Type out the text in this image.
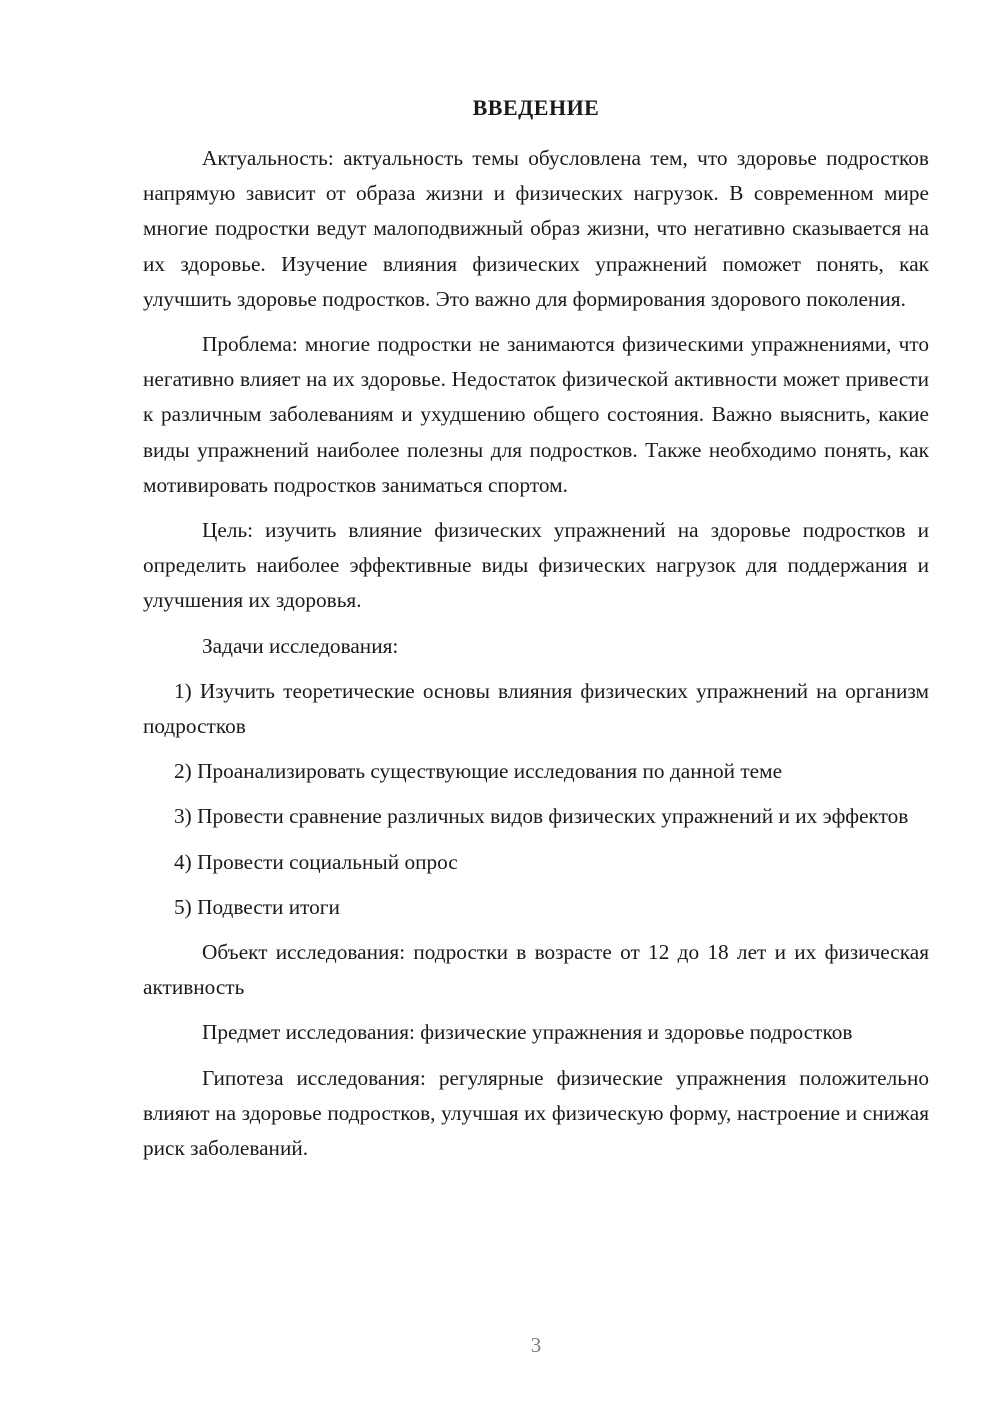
ВВЕДЕНИЕ

Актуальность: актуальность темы обусловлена тем, что здоровье подростков напрямую зависит от образа жизни и физических нагрузок. В современном мире многие подростки ведут малоподвижный образ жизни, что негативно сказывается на их здоровье. Изучение влияния физических упражнений поможет понять, как улучшить здоровье подростков. Это важно для формирования здорового поколения.

Проблема: многие подростки не занимаются физическими упражнениями, что негативно влияет на их здоровье. Недостаток физической активности может привести к различным заболеваниям и ухудшению общего состояния. Важно выяснить, какие виды упражнений наиболее полезны для подростков. Также необходимо понять, как мотивировать подростков заниматься спортом.

Цель: изучить влияние физических упражнений на здоровье подростков и определить наиболее эффективные виды физических нагрузок для поддержания и улучшения их здоровья.

Задачи исследования:

1) Изучить теоретические основы влияния физических упражнений на организм подростков

2) Проанализировать существующие исследования по данной теме

3) Провести сравнение различных видов физических упражнений и их эффектов

4) Провести социальный опрос

5) Подвести итоги

Объект исследования: подростки в возрасте от 12 до 18 лет и их физическая активность

Предмет исследования: физические упражнения и здоровье подростков

Гипотеза исследования: регулярные физические упражнения положительно влияют на здоровье подростков, улучшая их физическую форму, настроение и снижая риск заболеваний.

3
